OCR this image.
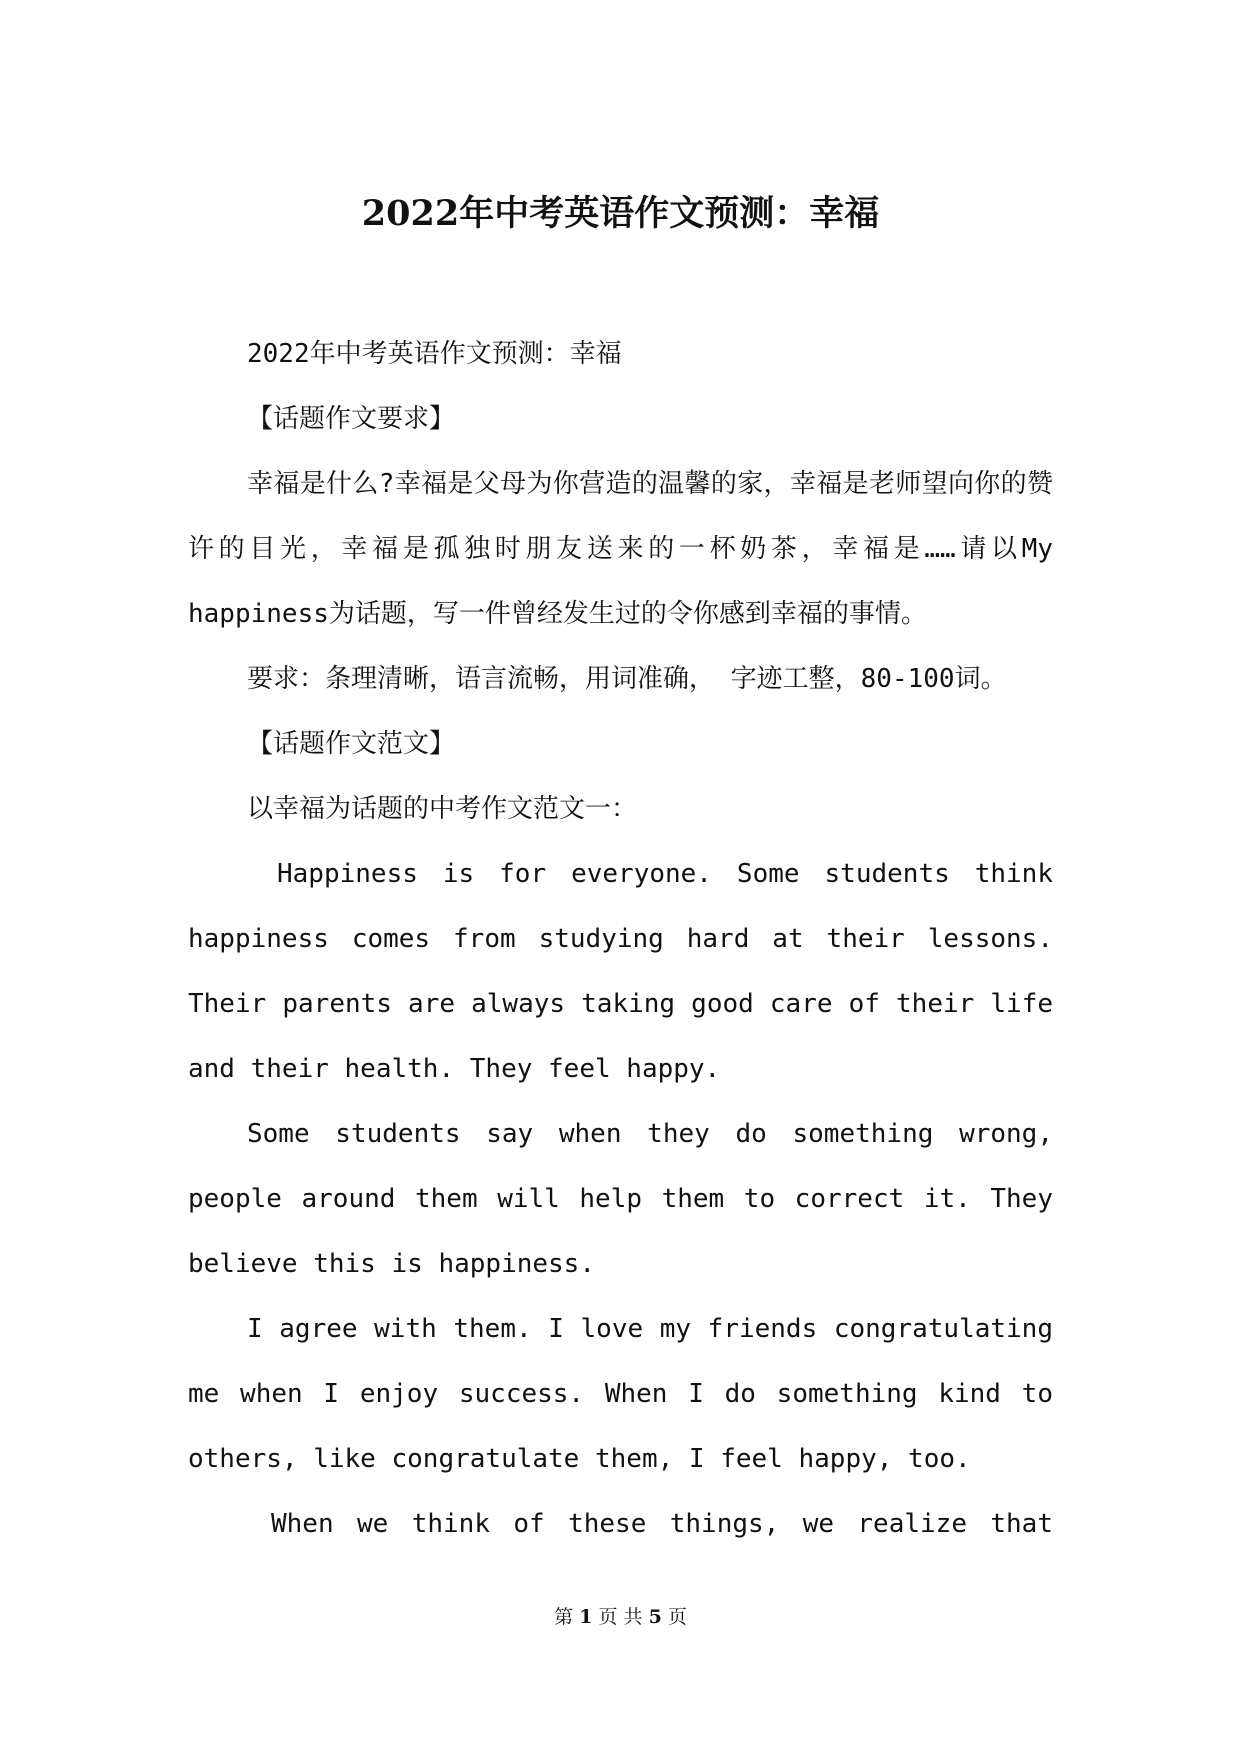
2022年中考英语作文预测：幸福

2022年中考英语作文预测：幸福

【话题作文要求】

幸福是什么?幸福是父母为你营造的温馨的家，幸福是老师望向你的赞许的目光，幸福是孤独时朋友送来的一杯奶茶，幸福是……请以My happiness为话题，写一件曾经发生过的令你感到幸福的事情。

要求：条理清晰，语言流畅，用词准确， 字迹工整，80-100词。

【话题作文范文】

以幸福为话题的中考作文范文一：

Happiness is for everyone. Some students think happiness comes from studying hard at their lessons. Their parents are always taking good care of their life and their health. They feel happy.

Some students say when they do something wrong, people around them will help them to correct it. They believe this is happiness.

I agree with them. I love my friends congratulating me when I enjoy success. When I do something kind to others, like congratulate them, I feel happy, too.

When we think of these things, we realize that

第 1 页 共 5 页
